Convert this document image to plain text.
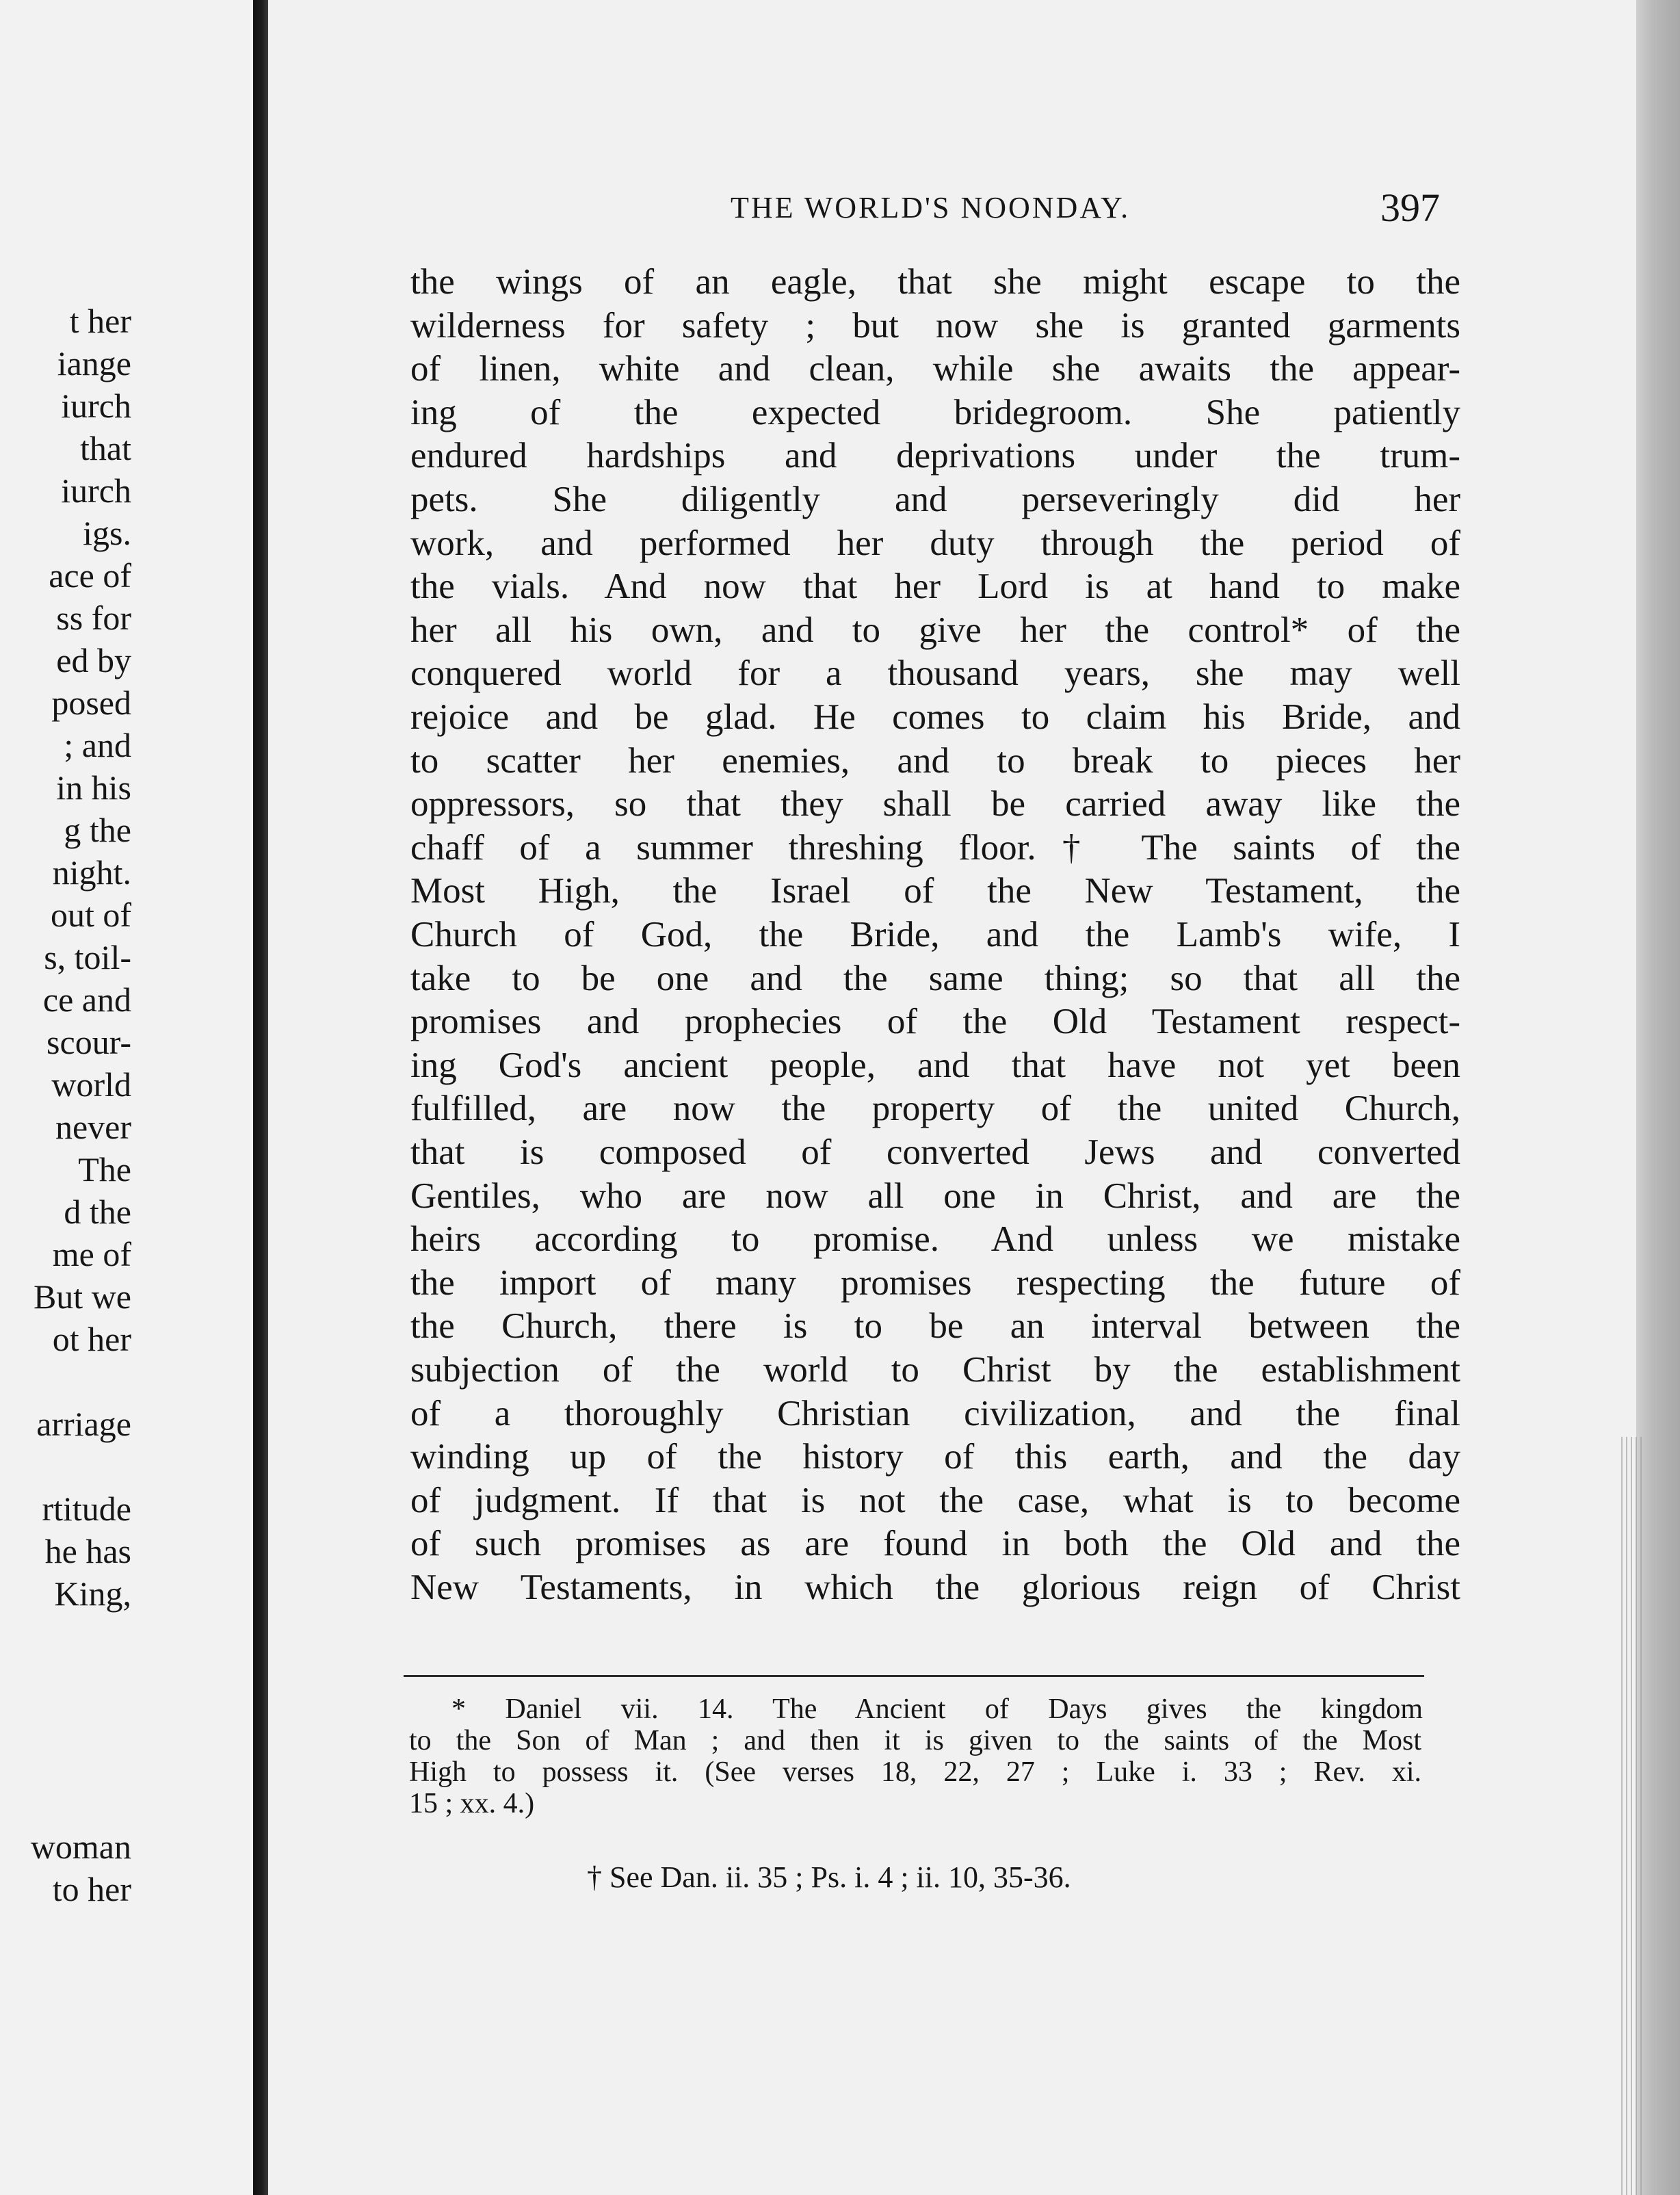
t her
iange
iurch
that
iurch
igs.
ace of
ss for
ed by
posed
; and
in his
g the
night.
out of
s, toil-
ce and
scour-
world
never
The
d the
me of
But we
ot her
arriage
rtitude
he has
King,
woman
to her
THE WORLD'S NOONDAY.	397
the wings of an eagle, that she might escape to the
wilderness for safety ; but now she is granted garments
of linen, white and clean, while she awaits the appear-
ing of the expected bridegroom. She patiently
endured hardships and deprivations under the trum-
pets. She diligently and perseveringly did her
work, and performed her duty through the period of
the vials. And now that her Lord is at hand to make
her all his own, and to give her the control* of the
conquered world for a thousand years, she may well
rejoice and be glad. He comes to claim his Bride, and
to scatter her enemies, and to break to pieces her
oppressors, so that they shall be carried away like the
chaff of a summer threshing floor.† The saints of the
Most High, the Israel of the New Testament, the
Church of God, the Bride, and the Lamb's wife, I
take to be one and the same thing; so that all the
promises and prophecies of the Old Testament respect-
ing God's ancient people, and that have not yet been
fulfilled, are now the property of the united Church,
that is composed of converted Jews and converted
Gentiles, who are now all one in Christ, and are the
heirs according to promise. And unless we mistake
the import of many promises respecting the future of
the Church, there is to be an interval between the
subjection of the world to Christ by the establishment
of a thoroughly Christian civilization, and the final
winding up of the history of this earth, and the day
of judgment. If that is not the case, what is to become
of such promises as are found in both the Old and the
New Testaments, in which the glorious reign of Christ
* Daniel vii. 14. The Ancient of Days gives the kingdom
to the Son of Man ; and then it is given to the saints of the Most
High to possess it. (See verses 18, 22, 27 ; Luke i. 33 ; Rev. xi.
15 ; xx. 4.)
† See Dan. ii. 35 ; Ps. i. 4 ; ii. 10, 35-36.
